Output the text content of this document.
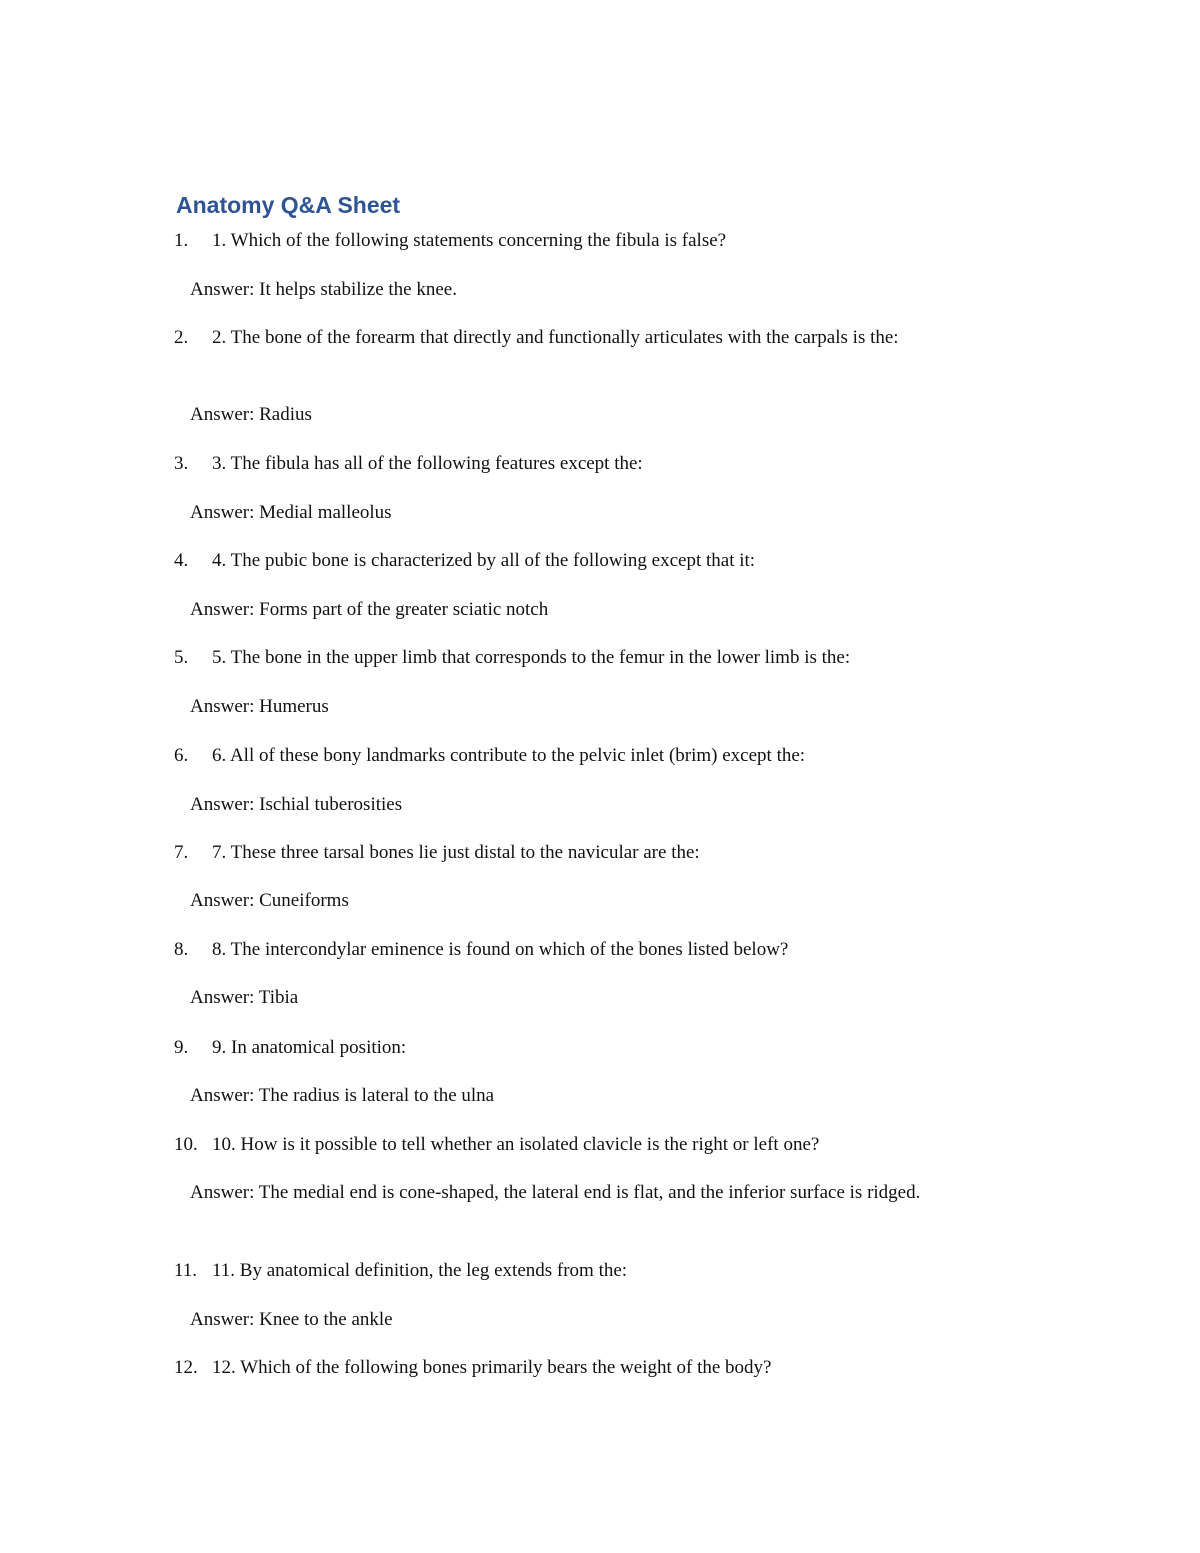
Anatomy Q&A Sheet
1. 1. Which of the following statements concerning the fibula is false?
Answer: It helps stabilize the knee.
2. 2. The bone of the forearm that directly and functionally articulates with the carpals is the:
Answer: Radius
3. 3. The fibula has all of the following features except the:
Answer: Medial malleolus
4. 4. The pubic bone is characterized by all of the following except that it:
Answer: Forms part of the greater sciatic notch
5. 5. The bone in the upper limb that corresponds to the femur in the lower limb is the:
Answer: Humerus
6. 6. All of these bony landmarks contribute to the pelvic inlet (brim) except the:
Answer: Ischial tuberosities
7. 7. These three tarsal bones lie just distal to the navicular are the:
Answer: Cuneiforms
8. 8. The intercondylar eminence is found on which of the bones listed below?
Answer: Tibia
9. 9. In anatomical position:
Answer: The radius is lateral to the ulna
10. 10. How is it possible to tell whether an isolated clavicle is the right or left one?
Answer: The medial end is cone-shaped, the lateral end is flat, and the inferior surface is ridged.
11. 11. By anatomical definition, the leg extends from the:
Answer: Knee to the ankle
12. 12. Which of the following bones primarily bears the weight of the body?
